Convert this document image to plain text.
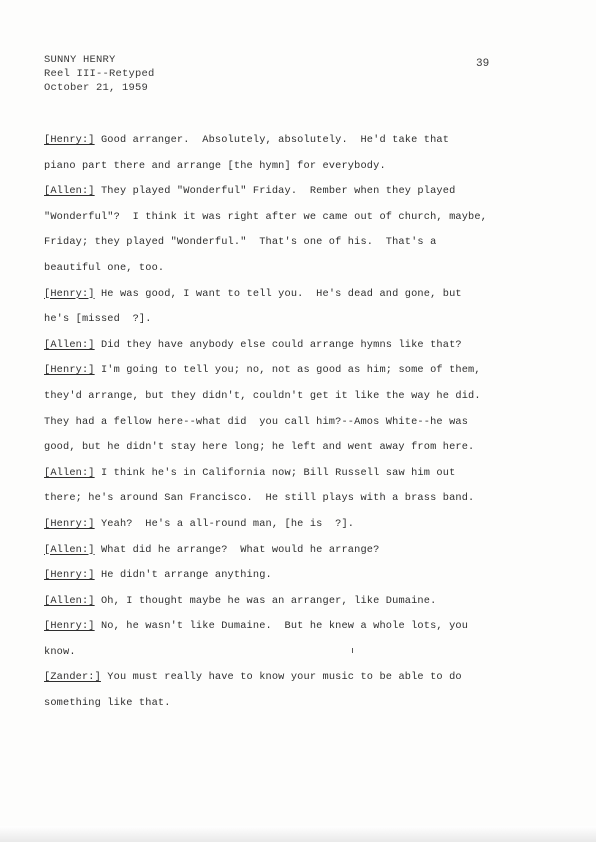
SUNNY HENRY
Reel III--Retyped
October 21, 1959
39
[Henry:] Good arranger.  Absolutely, absolutely.  He'd take that
piano part there and arrange [the hymn] for everybody.
[Allen:] They played "Wonderful" Friday.  Rember when they played
"Wonderful"?  I think it was right after we came out of church, maybe,
Friday; they played "Wonderful."  That's one of his.  That's a
beautiful one, too.
[Henry:] He was good, I want to tell you.  He's dead and gone, but
he's [missed  ?].
[Allen:] Did they have anybody else could arrange hymns like that?
[Henry:] I'm going to tell you; no, not as good as him; some of them,
they'd arrange, but they didn't, couldn't get it like the way he did.
They had a fellow here--what did  you call him?--Amos White--he was
good, but he didn't stay here long; he left and went away from here.
[Allen:] I think he's in California now; Bill Russell saw him out
there; he's around San Francisco.  He still plays with a brass band.
[Henry:] Yeah?  He's a all-round man, [he is  ?].
[Allen:] What did he arrange?  What would he arrange?
[Henry:] He didn't arrange anything.
[Allen:] Oh, I thought maybe he was an arranger, like Dumaine.
[Henry:] No, he wasn't like Dumaine.  But he knew a whole lots, you
know.
[Zander:] You must really have to know your music to be able to do
something like that.
